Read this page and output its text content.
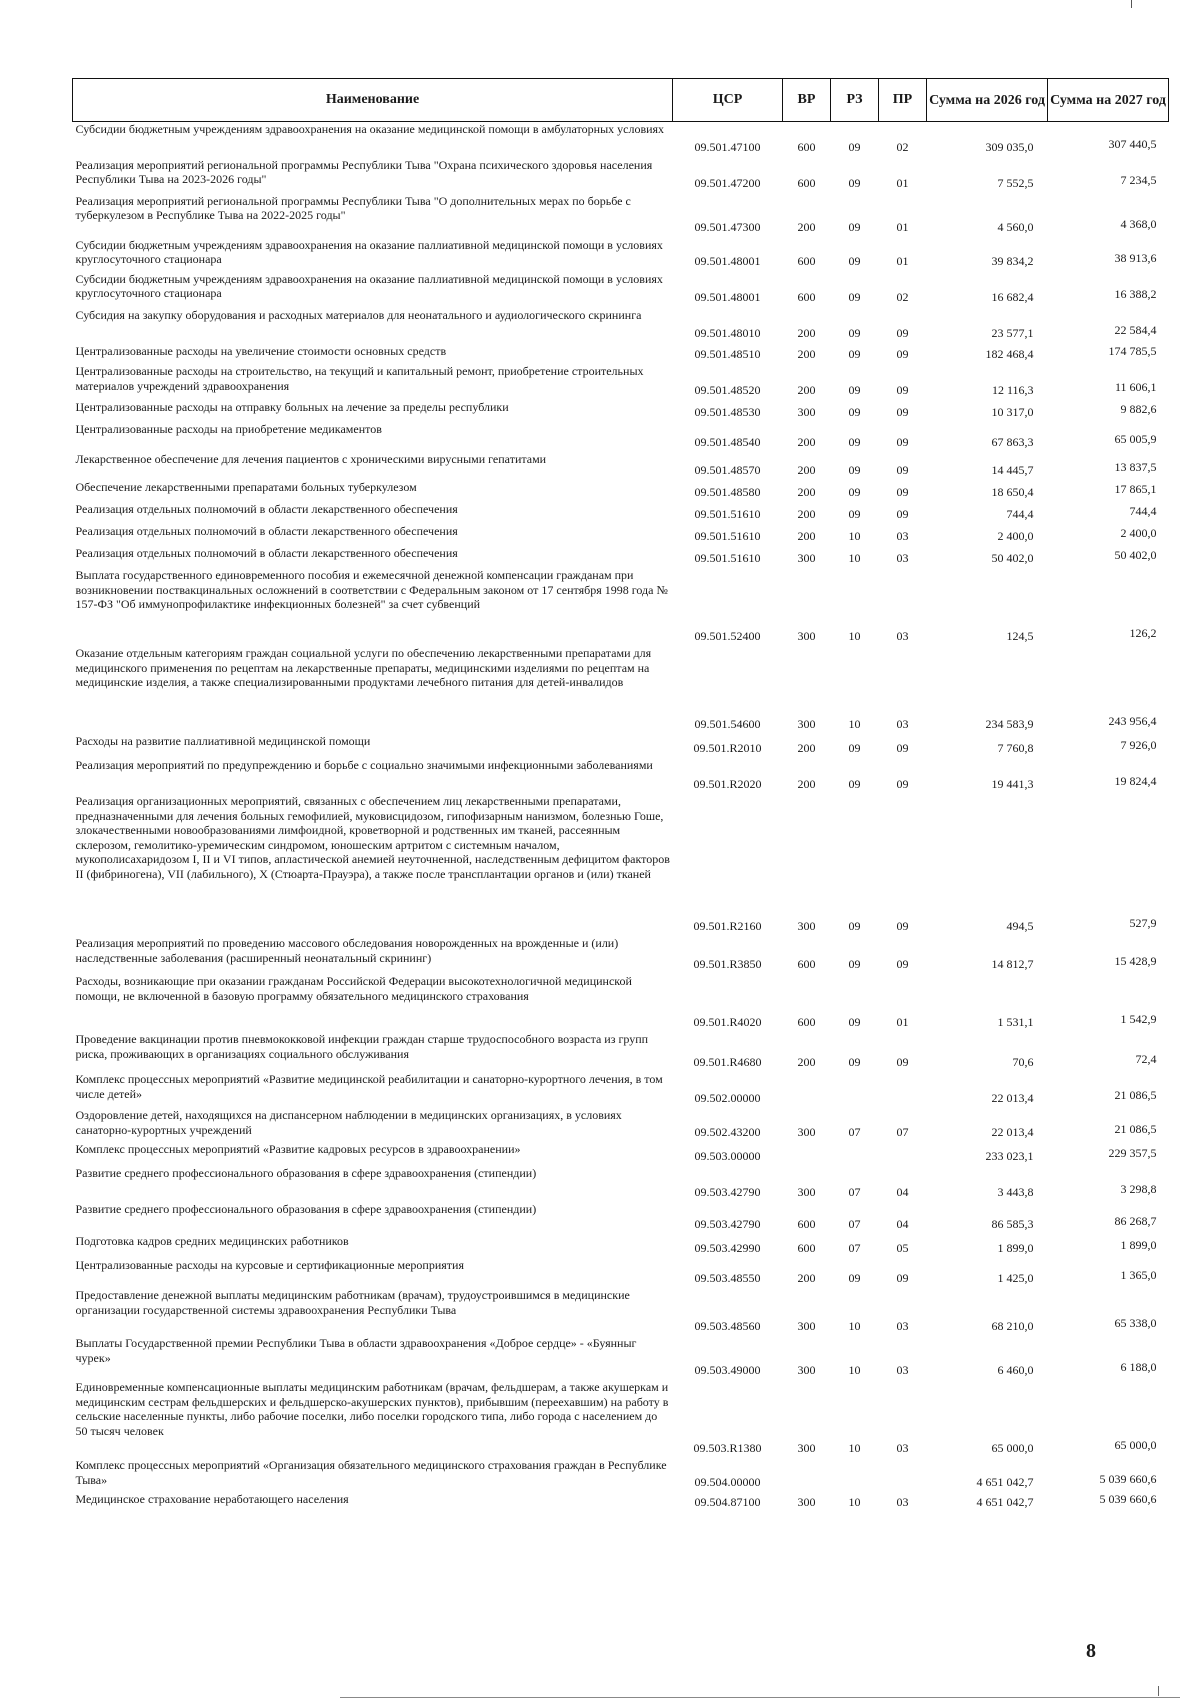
Наименование	ЦСР	ВР	РЗ	ПР	Сумма на 2026 год	Сумма на 2027 год
Субсидии бюджетным учреждениям здравоохранения на оказание медицинской помощи в амбулаторных условиях	09.501.47100	600	09	02	309 035,0	307 440,5
Реализация мероприятий региональной программы Республики Тыва "Охрана психического здоровья населения Республики Тыва на 2023-2026 годы"	09.501.47200	600	09	01	7 552,5	7 234,5
Реализация мероприятий региональной программы Республики Тыва "О дополнительных мерах по борьбе с туберкулезом в Республике Тыва на 2022-2025 годы"	09.501.47300	200	09	01	4 560,0	4 368,0
Субсидии бюджетным учреждениям здравоохранения на оказание паллиативной медицинской помощи в условиях круглосуточного стационара	09.501.48001	600	09	01	39 834,2	38 913,6
Субсидии бюджетным учреждениям здравоохранения на оказание паллиативной медицинской помощи в условиях круглосуточного стационара	09.501.48001	600	09	02	16 682,4	16 388,2
Субсидия на закупку оборудования и расходных материалов для неонатального и аудиологического скрининга	09.501.48010	200	09	09	23 577,1	22 584,4
Централизованные расходы на увеличение стоимости основных средств	09.501.48510	200	09	09	182 468,4	174 785,5
Централизованные расходы на строительство, на текущий и капитальный ремонт, приобретение строительных материалов учреждений здравоохранения	09.501.48520	200	09	09	12 116,3	11 606,1
Централизованные расходы на отправку больных на лечение за пределы республики	09.501.48530	300	09	09	10 317,0	9 882,6
Централизованные расходы на приобретение медикаментов	09.501.48540	200	09	09	67 863,3	65 005,9
Лекарственное обеспечение для лечения пациентов с хроническими вирусными гепатитами	09.501.48570	200	09	09	14 445,7	13 837,5
Обеспечение лекарственными препаратами больных туберкулезом	09.501.48580	200	09	09	18 650,4	17 865,1
Реализация отдельных полномочий в области лекарственного обеспечения	09.501.51610	200	09	09	744,4	744,4
Реализация отдельных полномочий в области лекарственного обеспечения	09.501.51610	200	10	03	2 400,0	2 400,0
Реализация отдельных полномочий в области лекарственного обеспечения	09.501.51610	300	10	03	50 402,0	50 402,0
Выплата государственного единовременного пособия и ежемесячной денежной компенсации гражданам при возникновении поствакцинальных осложнений в соответствии с Федеральным законом от 17 сентября 1998 года № 157-ФЗ "Об иммунопрофилактике инфекционных болезней" за счет субвенций	09.501.52400	300	10	03	124,5	126,2
Оказание отдельным категориям граждан социальной услуги по обеспечению лекарственными препаратами для медицинского применения по рецептам на лекарственные препараты, медицинскими изделиями по рецептам на медицинские изделия, а также специализированными продуктами лечебного питания для детей-инвалидов	09.501.54600	300	10	03	234 583,9	243 956,4
Расходы на развитие паллиативной медицинской помощи	09.501.R2010	200	09	09	7 760,8	7 926,0
Реализация мероприятий по предупреждению и борьбе с социально значимыми инфекционными заболеваниями	09.501.R2020	200	09	09	19 441,3	19 824,4
Реализация организационных мероприятий, связанных с обеспечением лиц лекарственными препаратами, предназначенными для лечения больных гемофилией, муковисцидозом, гипофизарным нанизмом, болезнью Гоше, злокачественными новообразованиями лимфоидной, кроветворной и родственных им тканей, рассеянным склерозом, гемолитико-уремическим синдромом, юношеским артритом с системным началом, мукополисахаридозом I, II и VI типов, апластической анемией неуточненной, наследственным дефицитом факторов II (фибриногена), VII (лабильного), X (Стюарта-Прауэра), а также после трансплантации органов и (или) тканей	09.501.R2160	300	09	09	494,5	527,9
Реализация мероприятий по проведению массового обследования новорожденных на врожденные и (или) наследственные заболевания (расширенный неонатальный скрининг)	09.501.R3850	600	09	09	14 812,7	15 428,9
Расходы, возникающие при оказании гражданам Российской Федерации высокотехнологичной медицинской помощи, не включенной в базовую программу обязательного медицинского страхования	09.501.R4020	600	09	01	1 531,1	1 542,9
Проведение вакцинации против пневмококковой инфекции граждан старше трудоспособного возраста из групп риска, проживающих в организациях социального обслуживания	09.501.R4680	200	09	09	70,6	72,4
Комплекс процессных мероприятий «Развитие медицинской реабилитации и санаторно-курортного лечения, в том числе детей»	09.502.00000				22 013,4	21 086,5
Оздоровление детей, находящихся на диспансерном наблюдении в медицинских организациях, в условиях санаторно-курортных учреждений	09.502.43200	300	07	07	22 013,4	21 086,5
Комплекс процессных мероприятий «Развитие кадровых ресурсов в здравоохранении»	09.503.00000				233 023,1	229 357,5
Развитие среднего профессионального образования в сфере здравоохранения (стипендии)	09.503.42790	300	07	04	3 443,8	3 298,8
Развитие среднего профессионального образования в сфере здравоохранения (стипендии)	09.503.42790	600	07	04	86 585,3	86 268,7
Подготовка кадров средних медицинских работников	09.503.42990	600	07	05	1 899,0	1 899,0
Централизованные расходы на курсовые и сертификационные мероприятия	09.503.48550	200	09	09	1 425,0	1 365,0
Предоставление денежной выплаты медицинским работникам (врачам), трудоустроившимся в медицинские организации государственной системы здравоохранения Республики Тыва	09.503.48560	300	10	03	68 210,0	65 338,0
Выплаты Государственной премии Республики Тыва в области здравоохранения «Доброе сердце» - «Буянныг чурек»	09.503.49000	300	10	03	6 460,0	6 188,0
Единовременные компенсационные выплаты медицинским работникам (врачам, фельдшерам, а также акушеркам и медицинским сестрам фельдшерских и фельдшерско-акушерских пунктов), прибывшим (переехавшим) на работу в сельские населенные пункты, либо рабочие поселки, либо поселки городского типа, либо города с населением до 50 тысяч человек	09.503.R1380	300	10	03	65 000,0	65 000,0
Комплекс процессных мероприятий «Организация обязательного медицинского страхования граждан в Республике Тыва»	09.504.00000				4 651 042,7	5 039 660,6
Медицинское страхование неработающего населения	09.504.87100	300	10	03	4 651 042,7	5 039 660,6
8
